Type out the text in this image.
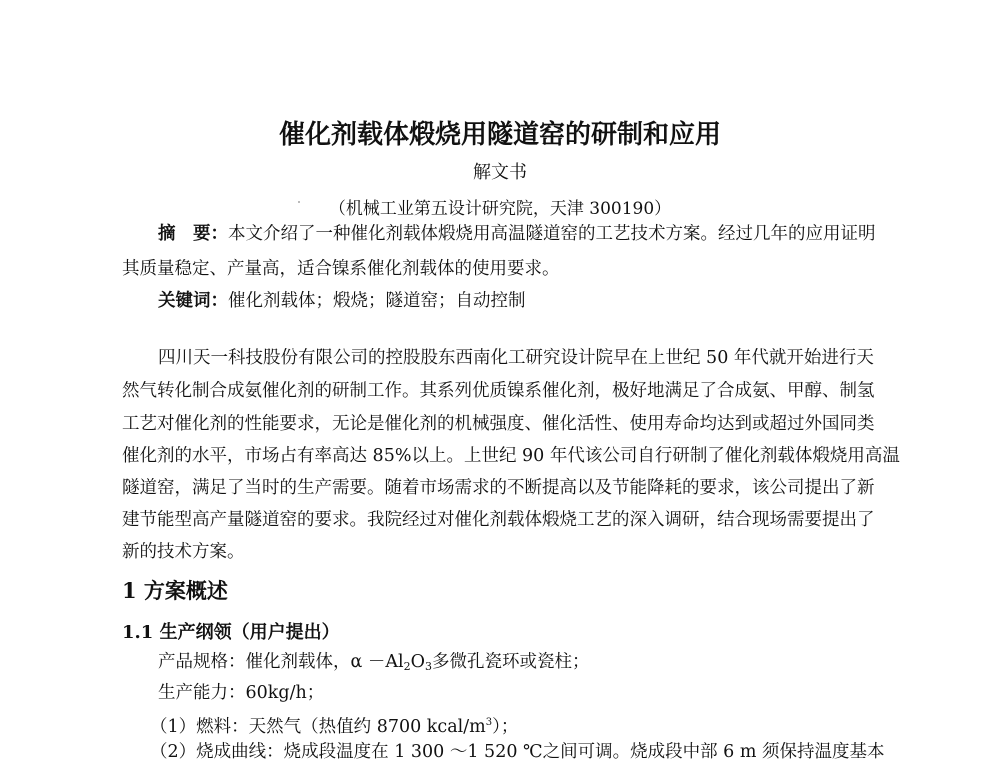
催化剂载体煅烧用隧道窑的研制和应用
解文书
（机械工业第五设计研究院，天津 300190）
摘　要：本文介绍了一种催化剂载体煅烧用高温隧道窑的工艺技术方案。经过几年的应用证明
其质量稳定、产量高，适合镍系催化剂载体的使用要求。
关键词：催化剂载体；煅烧；隧道窑；自动控制
四川天一科技股份有限公司的控股股东西南化工研究设计院早在上世纪 50 年代就开始进行天
然气转化制合成氨催化剂的研制工作。其系列优质镍系催化剂，极好地满足了合成氨、甲醇、制氢
工艺对催化剂的性能要求，无论是催化剂的机械强度、催化活性、使用寿命均达到或超过外国同类
催化剂的水平，市场占有率高达 85%以上。上世纪 90 年代该公司自行研制了催化剂载体煅烧用高温
隧道窑，满足了当时的生产需要。随着市场需求的不断提高以及节能降耗的要求，该公司提出了新
建节能型高产量隧道窑的要求。我院经过对催化剂载体煅烧工艺的深入调研，结合现场需要提出了
新的技术方案。
1 方案概述
1.1 生产纲领（用户提出）
产品规格：催化剂载体，$\alpha -Al_2O_3$多微孔瓷环或瓷柱；
生产能力：60kg/h；
（1）燃料：天然气（热值约 8700 kcal/$m^3$）；
（2）烧成曲线：烧成段温度在 1 300 ～1 520 ℃之间可调。烧成段中部 6 m 须保持温度基本
